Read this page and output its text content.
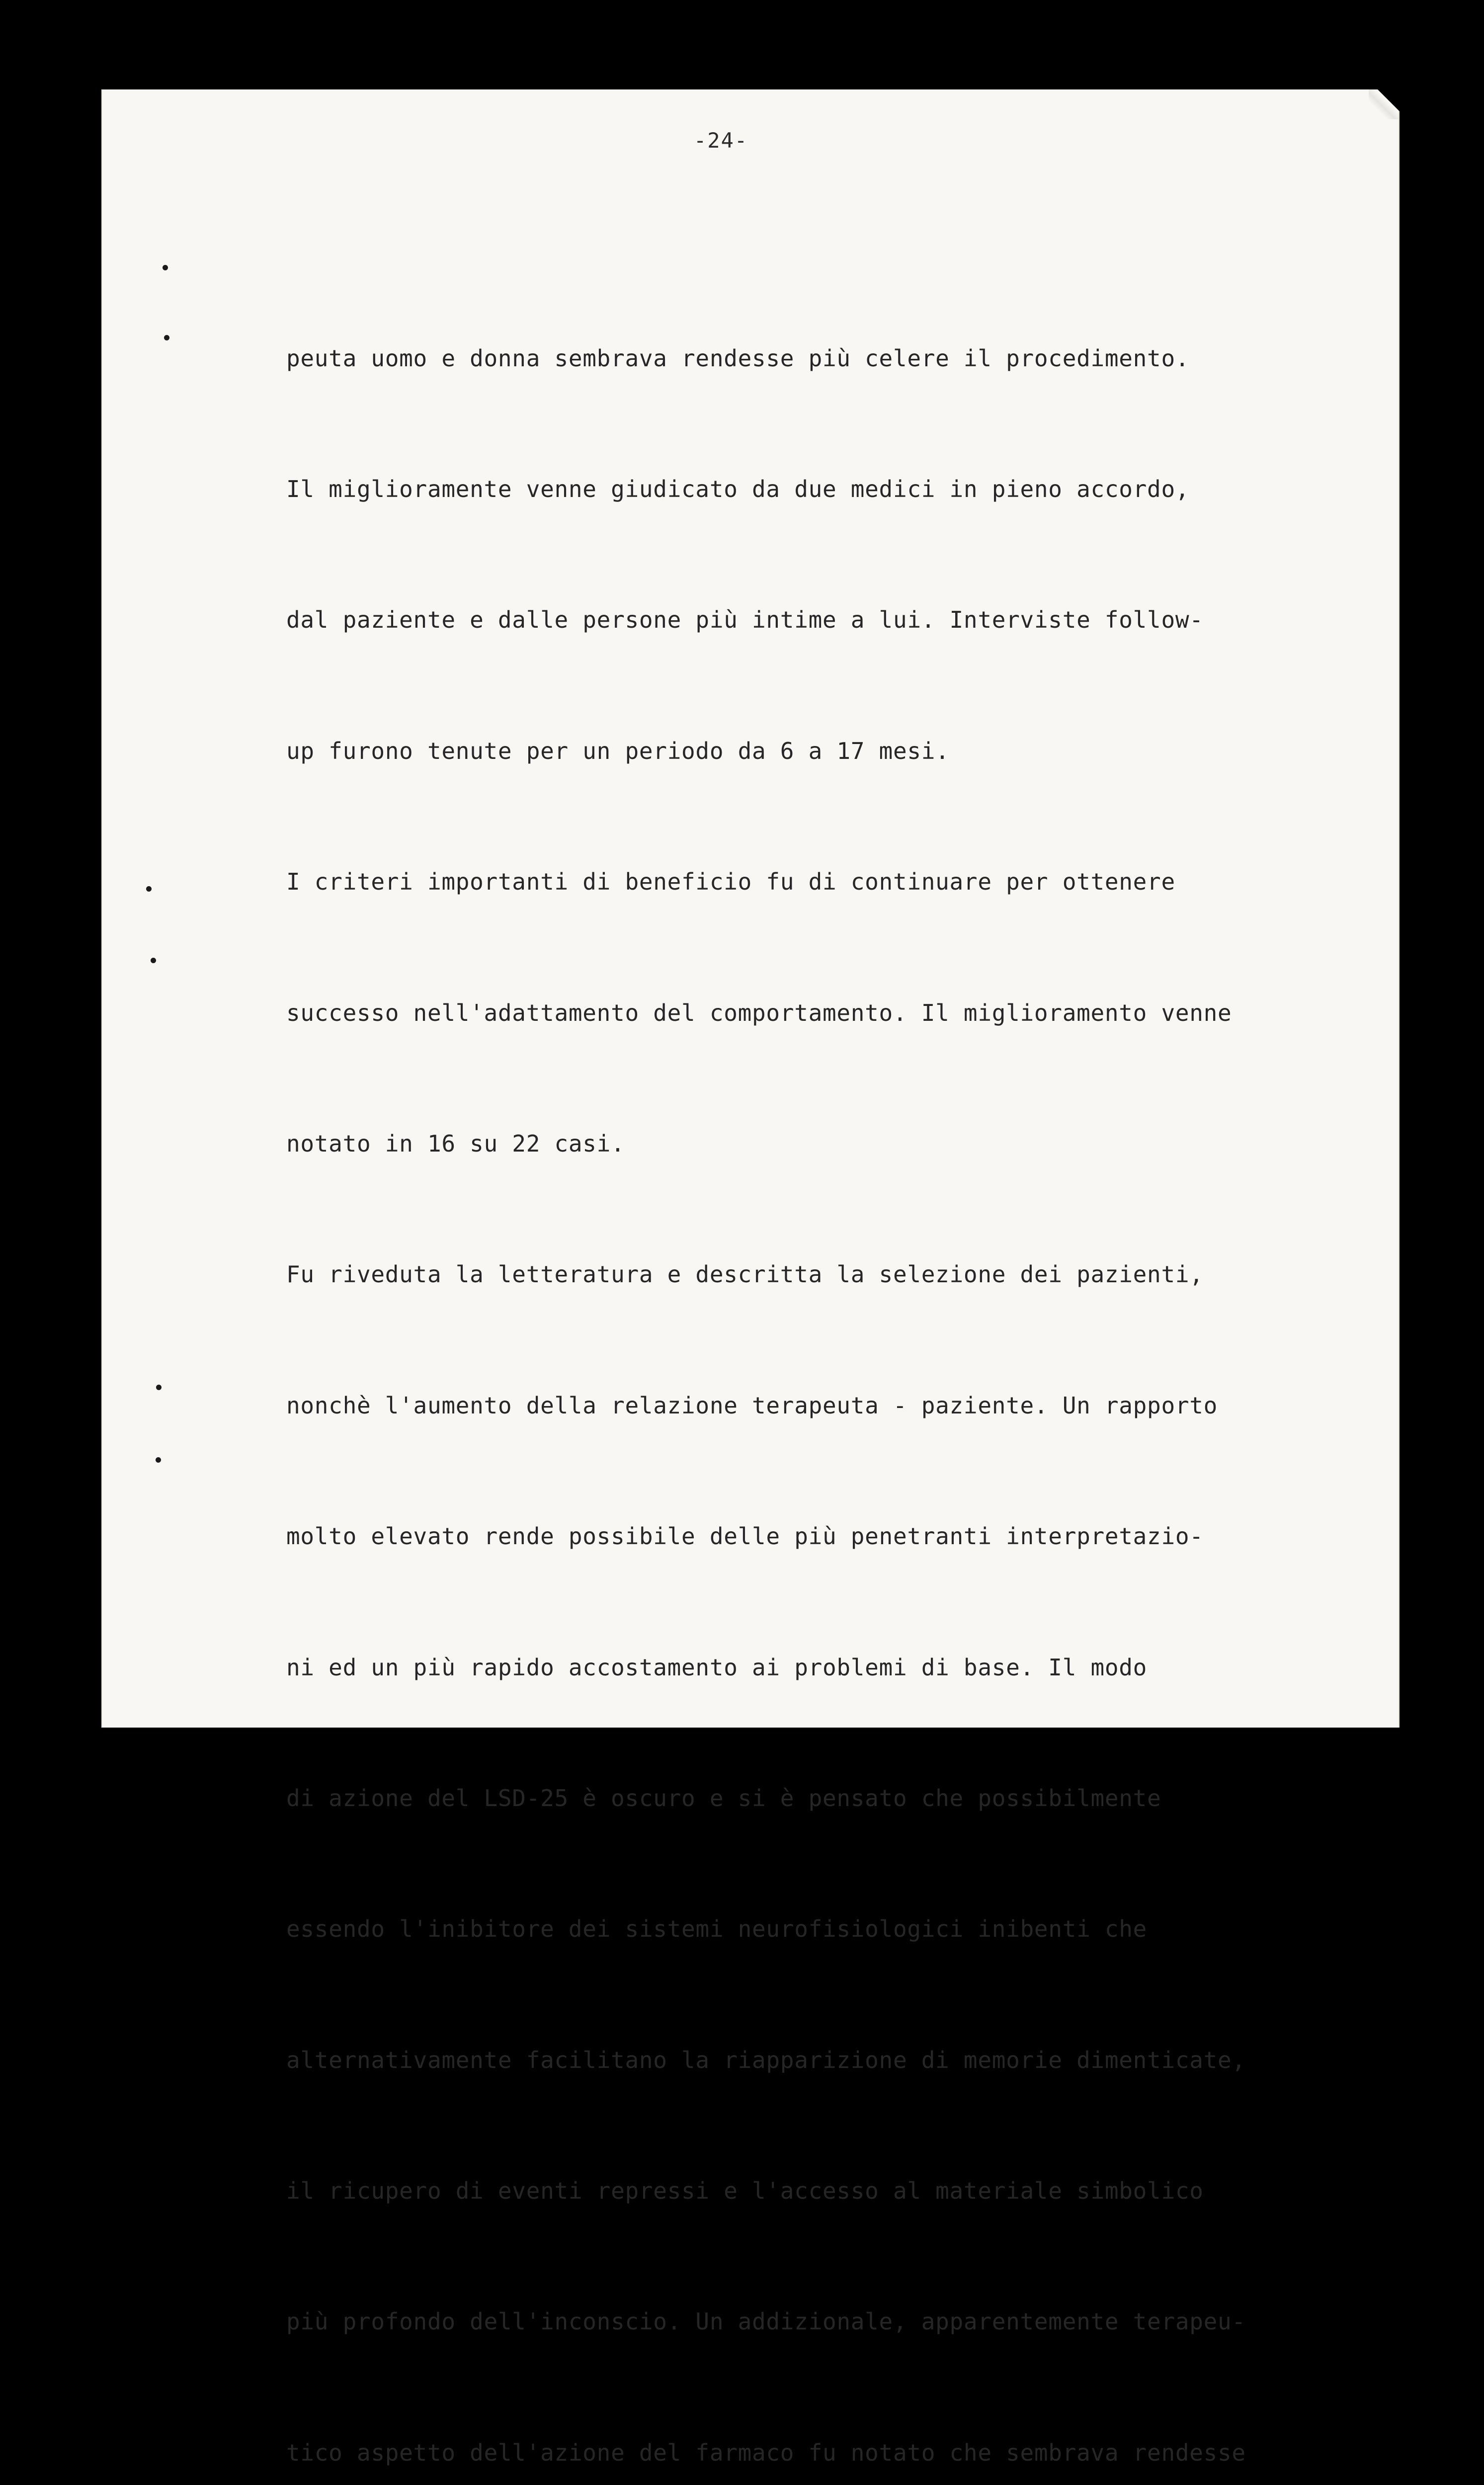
-24-

peuta uomo e donna sembrava rendesse più celere il procedimento.

Il miglioramente venne giudicato da due medici in pieno accordo,

dal paziente e dalle persone più intime a lui. Interviste follow-

up furono tenute per un periodo da 6 a 17 mesi.

I criteri importanti di beneficio fu di continuare per ottenere

successo nell'adattamento del comportamento. Il miglioramento venne

notato in 16 su 22 casi.

Fu riveduta la letteratura e descritta la selezione dei pazienti,

nonchè l'aumento della relazione terapeuta - paziente. Un rapporto

molto elevato rende possibile delle più penetranti interpretazio-

ni ed un più rapido accostamento ai problemi di base. Il modo

di azione del LSD-25 è oscuro e si è pensato che possibilmente

essendo l'inibitore dei sistemi neurofisiologici inibenti che

alternativamente facilitano la riapparizione di memorie dimenticate,

il ricupero di eventi repressi e l'accesso al materiale simbolico

più profondo dell'inconscio. Un addizionale, apparentemente terapeu-

tico aspetto dell'azione del farmaco fu notato che sembrava rendesse
